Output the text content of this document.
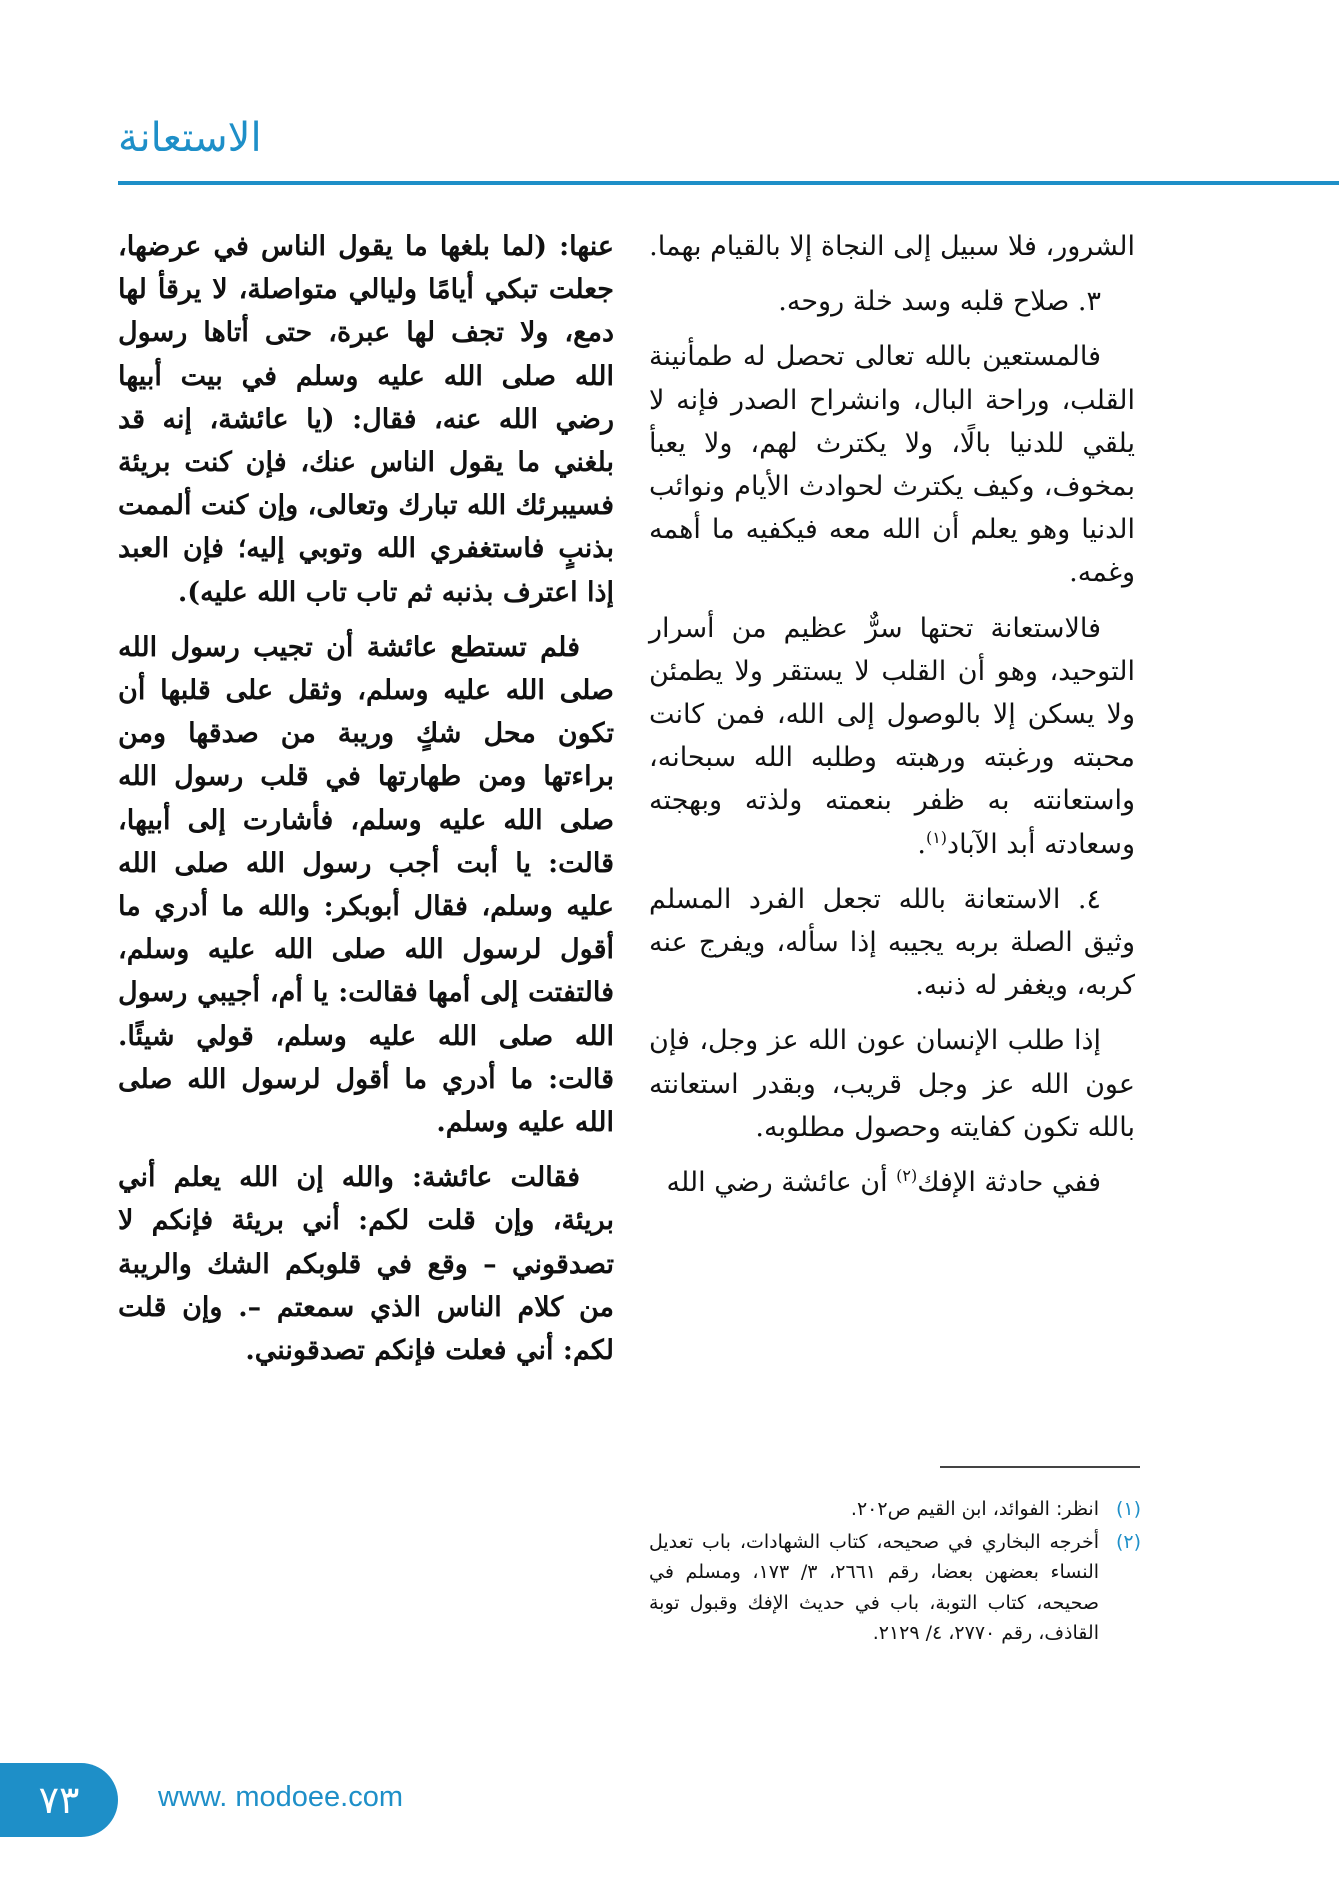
الاستعانة

الشرور، فلا سبيل إلى النجاة إلا بالقيام بهما.

٣. صلاح قلبه وسد خلة روحه.

فالمستعين بالله تعالى تحصل له طمأنينة القلب، وراحة البال، وانشراح الصدر فإنه لا يلقي للدنيا بالًا، ولا يكترث لهم، ولا يعبأ بمخوف، وكيف يكترث لحوادث الأيام ونوائب الدنيا وهو يعلم أن الله معه فيكفيه ما أهمه وغمه.

فالاستعانة تحتها سرٌّ عظيم من أسرار التوحيد، وهو أن القلب لا يستقر ولا يطمئن ولا يسكن إلا بالوصول إلى الله، فمن كانت محبته ورغبته ورهبته وطلبه الله سبحانه، واستعانته به ظفر بنعمته ولذته وبهجته وسعادته أبد الآباد$^{(١)}$.

٤. الاستعانة بالله تجعل الفرد المسلم وثيق الصلة بربه يجيبه إذا سأله، ويفرج عنه كربه، ويغفر له ذنبه.

إذا طلب الإنسان عون الله عز وجل، فإن عون الله عز وجل قريب، وبقدر استعانته بالله تكون كفايته وحصول مطلوبه.

ففي حادثة الإفك$^{(٢)}$ أن عائشة رضي الله

عنها: (لما بلغها ما يقول الناس في عرضها، جعلت تبكي أيامًا وليالي متواصلة، لا يرقأ لها دمع، ولا تجف لها عبرة، حتى أتاها رسول الله صلى الله عليه وسلم في بيت أبيها رضي الله عنه، فقال: (يا عائشة، إنه قد بلغني ما يقول الناس عنك، فإن كنت بريئة فسيبرئك الله تبارك وتعالى، وإن كنت ألممت بذنبٍ فاستغفري الله وتوبي إليه؛ فإن العبد إذا اعترف بذنبه ثم تاب تاب الله عليه).

فلم تستطع عائشة أن تجيب رسول الله صلى الله عليه وسلم، وثقل على قلبها أن تكون محل شكٍ وريبة من صدقها ومن براءتها ومن طهارتها في قلب رسول الله صلى الله عليه وسلم، فأشارت إلى أبيها، قالت: يا أبت أجب رسول الله صلى الله عليه وسلم، فقال أبوبكر: والله ما أدري ما أقول لرسول الله صلى الله عليه وسلم، فالتفتت إلى أمها فقالت: يا أم، أجيبي رسول الله صلى الله عليه وسلم، قولي شيئًا. قالت: ما أدري ما أقول لرسول الله صلى الله عليه وسلم.

فقالت عائشة: والله إن الله يعلم أني بريئة، وإن قلت لكم: أني بريئة فإنكم لا تصدقوني – وقع في قلوبكم الشك والريبة من كلام الناس الذي سمعتم –. وإن قلت لكم: أني فعلت فإنكم تصدقونني.

(١)
انظر: الفوائد، ابن القيم ص٢٠٢.
(٢)
أخرجه البخاري في صحيحه، كتاب الشهادات، باب تعديل النساء بعضهن بعضا، رقم ٢٦٦١، ٣/ ١٧٣، ومسلم في صحيحه، كتاب التوبة، باب في حديث الإفك وقبول توبة القاذف، رقم ٢٧٧٠، ٤/ ٢١٢٩.
٧٣	www. modoee.com
